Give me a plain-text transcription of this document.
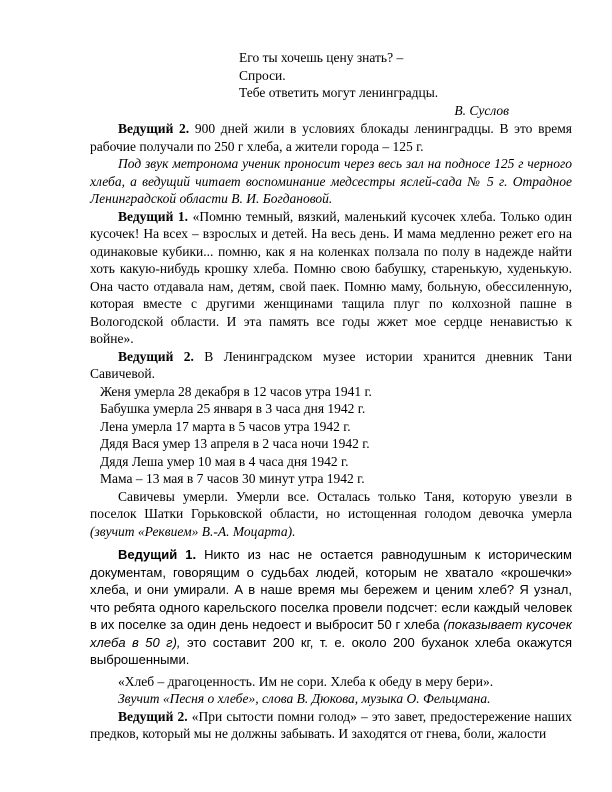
Его ты хочешь цену знать? –
Спроси.
Тебе ответить могут ленинградцы.
В. Суслов

Ведущий 2. 900 дней жили в условиях блокады ленинградцы. В это время рабочие получали по 250 г хлеба, а жители города – 125 г.

Под звук метронома ученик проносит через весь зал на подносе 125 г черного хлеба, а ведущий читает воспоминание медсестры яслей-сада № 5 г. Отрадное Ленинградской области В. И. Богдановой.

Ведущий 1. «Помню темный, вязкий, маленький кусочек хлеба. Только один кусочек! На всех – взрослых и детей. На весь день. И мама медленно режет его на одинаковые кубики... помню, как я на коленках ползала по полу в надежде найти хоть какую-нибудь крошку хлеба. Помню свою бабушку, старенькую, худенькую. Она часто отдавала нам, детям, свой паек. Помню маму, больную, обессиленную, которая вместе с другими женщинами тащила плуг по колхозной пашне в Вологодской области. И эта память все годы жжет мое сердце ненавистью к войне».

Ведущий 2. В Ленинградском музее истории хранится дневник Тани Савичевой.

Женя умерла 28 декабря в 12 часов утра 1941 г.

Бабушка умерла 25 января в 3 часа дня 1942 г.

Лена умерла 17 марта в 5 часов утра 1942 г.

Дядя Вася умер 13 апреля в 2 часа ночи 1942 г.

Дядя Леша умер 10 мая в 4 часа дня 1942 г.

Мама – 13 мая в 7 часов 30 минут утра 1942 г.

Савичевы умерли. Умерли все. Осталась только Таня, которую увезли в поселок Шатки Горьковской области, но истощенная голодом девочка умерла (звучит «Реквием» В.-А. Моцарта).

Ведущий 1. Никто из нас не остается равнодушным к историческим документам, говорящим о судьбах людей, которым не хватало «крошечки» хлеба, и они умирали. А в наше время мы бережем и ценим хлеб? Я узнал, что ребята одного карельского поселка провели подсчет: если каждый человек в их поселке за один день недоест и выбросит 50 г хлеба (показывает кусочек хлеба в 50 г), это составит 200 кг, т. е. около 200 буханок хлеба окажутся выброшенными.

«Хлеб – драгоценность. Им не сори. Хлеба к обеду в меру бери».

Звучит «Песня о хлебе», слова В. Дюкова, музыка О. Фельцмана.

Ведущий 2. «При сытости помни голод» – это завет, предостережение наших предков, который мы не должны забывать. И заходятся от гнева, боли, жалости
